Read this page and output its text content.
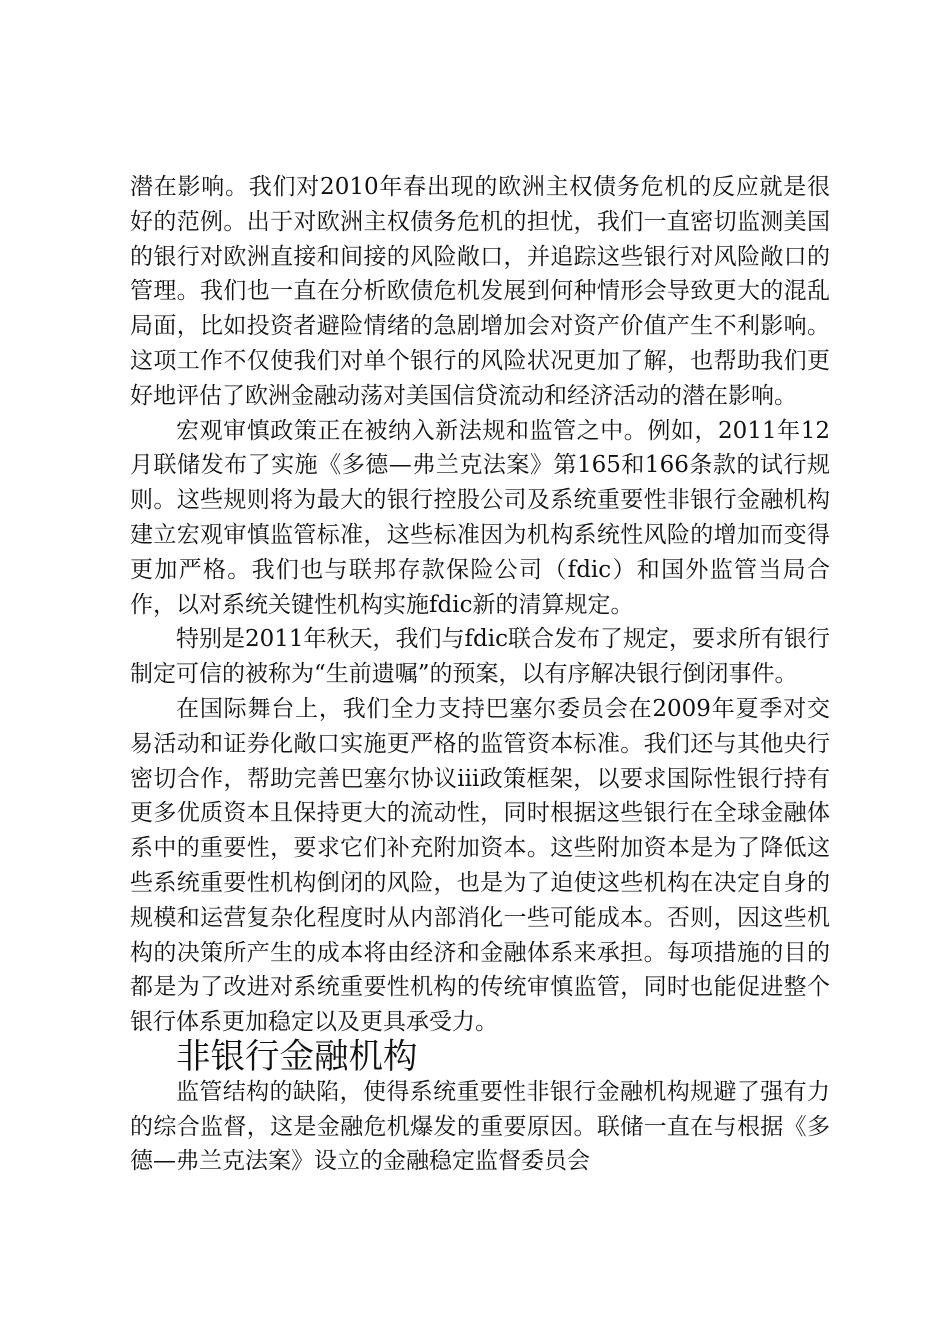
潜在影响。我们对2010年春出现的欧洲主权债务危机的反应就是很好的范例。出于对欧洲主权债务危机的担忧，我们一直密切监测美国的银行对欧洲直接和间接的风险敞口，并追踪这些银行对风险敞口的管理。我们也一直在分析欧债危机发展到何种情形会导致更大的混乱局面，比如投资者避险情绪的急剧增加会对资产价值产生不利影响。这项工作不仅使我们对单个银行的风险状况更加了解，也帮助我们更好地评估了欧洲金融动荡对美国信贷流动和经济活动的潜在影响。

宏观审慎政策正在被纳入新法规和监管之中。例如，2011年12月联储发布了实施《多德—弗兰克法案》第165和166条款的试行规则。这些规则将为最大的银行控股公司及系统重要性非银行金融机构建立宏观审慎监管标准，这些标准因为机构系统性风险的增加而变得更加严格。我们也与联邦存款保险公司（fdic）和国外监管当局合作，以对系统关键性机构实施fdic新的清算规定。

特别是2011年秋天，我们与fdic联合发布了规定，要求所有银行制定可信的被称为“生前遗嘱”的预案，以有序解决银行倒闭事件。

在国际舞台上，我们全力支持巴塞尔委员会在2009年夏季对交易活动和证券化敞口实施更严格的监管资本标准。我们还与其他央行密切合作，帮助完善巴塞尔协议iii政策框架，以要求国际性银行持有更多优质资本且保持更大的流动性，同时根据这些银行在全球金融体系中的重要性，要求它们补充附加资本。这些附加资本是为了降低这些系统重要性机构倒闭的风险，也是为了迫使这些机构在决定自身的规模和运营复杂化程度时从内部消化一些可能成本。否则，因这些机构的决策所产生的成本将由经济和金融体系来承担。每项措施的目的都是为了改进对系统重要性机构的传统审慎监管，同时也能促进整个银行体系更加稳定以及更具承受力。

非银行金融机构

监管结构的缺陷，使得系统重要性非银行金融机构规避了强有力的综合监督，这是金融危机爆发的重要原因。联储一直在与根据《多德—弗兰克法案》设立的金融稳定监督委员会
